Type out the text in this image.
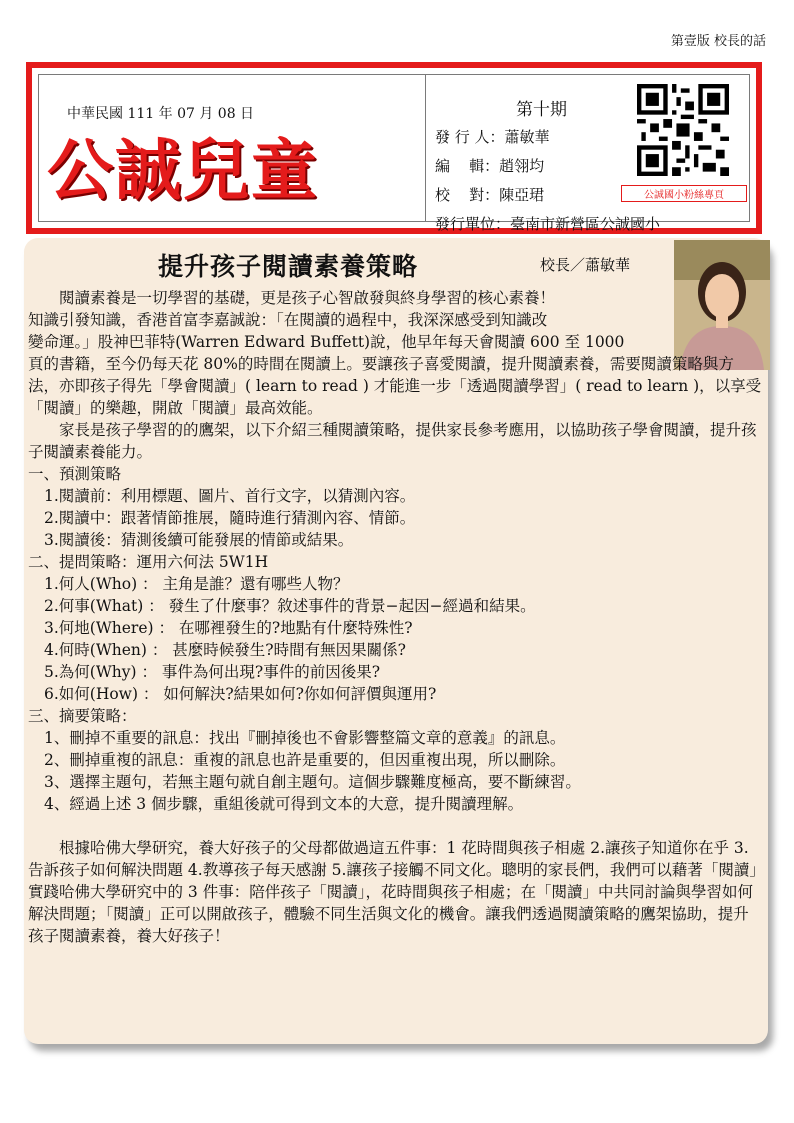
第壹版 校長的話
中華民國 111 年 07 月 08 日
公誠兒童
第十期
發 行 人：蕭敏華
編    輯：趙翎均
校    對：陳亞珺
發行單位：臺南市新營區公誠國小
公誠國小粉絲專頁
提升孩子閱讀素養策略	校長／蕭敏華

閱讀素養是一切學習的基礎，更是孩子心智啟發與終身學習的核心素養！

知識引發知識，香港首富李嘉誠說：「在閱讀的過程中，我深深感受到知識改

變命運。」股神巴菲特(Warren Edward Buffett)說，他早年每天會閱讀 600 至 1000

頁的書籍，至今仍每天花 80%的時間在閱讀上。要讓孩子喜愛閱讀，提升閱讀素養，需要閱讀策略與方法，亦即孩子得先「學會閱讀」( learn to read ) 才能進一步「透過閱讀學習」( read to learn )，以享受「閱讀」的樂趣，開啟「閱讀」最高效能。

家長是孩子學習的的鷹架，以下介紹三種閱讀策略，提供家長參考應用，以協助孩子學會閱讀，提升孩子閱讀素養能力。

一、預測策略

1.閱讀前：利用標題、圖片、首行文字，以猜測內容。

2.閱讀中：跟著情節推展，隨時進行猜測內容、情節。

3.閱讀後：猜測後續可能發展的情節或結果。

二、提問策略：運用六何法 5W1H

1.何人(Who) ： 主角是誰？還有哪些人物？

2.何事(What) ： 發生了什麼事？敘述事件的背景−起因−經過和結果。

3.何地(Where) ： 在哪裡發生的?地點有什麼特殊性?

4.何時(When) ： 甚麼時候發生?時間有無因果關係?

5.為何(Why) ： 事件為何出現?事件的前因後果?

6.如何(How) ： 如何解決?結果如何?你如何評價與運用?

三、摘要策略：

1、刪掉不重要的訊息：找出『刪掉後也不會影響整篇文章的意義』的訊息。

2、刪掉重複的訊息：重複的訊息也許是重要的，但因重複出現，所以刪除。

3、選擇主題句，若無主題句就自創主題句。這個步驟難度極高，要不斷練習。

4、經過上述 3 個步驟，重組後就可得到文本的大意，提升閱讀理解。

根據哈佛大學研究，養大好孩子的父母都做過這五件事：1 花時間與孩子相處 2.讓孩子知道你在乎 3.告訴孩子如何解決問題 4.教導孩子每天感謝 5.讓孩子接觸不同文化。聰明的家長們，我們可以藉著「閱讀」實踐哈佛大學研究中的 3 件事：陪伴孩子「閱讀」，花時間與孩子相處；在「閱讀」中共同討論與學習如何解決問題；「閱讀」正可以開啟孩子，體驗不同生活與文化的機會。讓我們透過閱讀策略的鷹架協助，提升孩子閱讀素養，養大好孩子！
